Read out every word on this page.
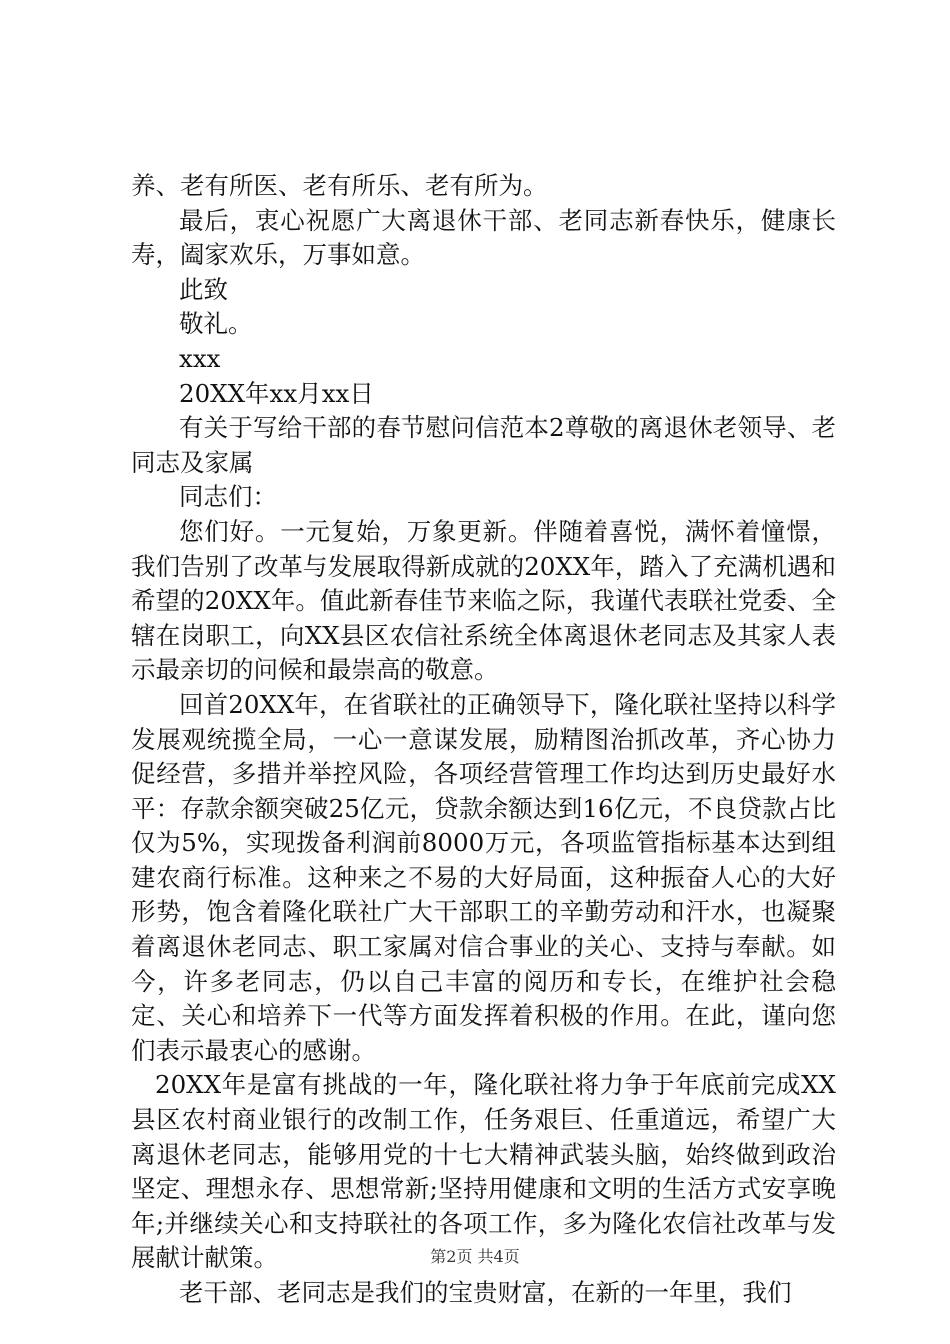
养、老有所医、老有所乐、老有所为。

最后，衷心祝愿广大离退休干部、老同志新春快乐，健康长寿，阖家欢乐，万事如意。

此致

敬礼。

xxx

20XX年xx月xx日

有关于写给干部的春节慰问信范本2尊敬的离退休老领导、老同志及家属

同志们：

您们好。一元复始，万象更新。伴随着喜悦，满怀着憧憬，我们告别了改革与发展取得新成就的20XX年，踏入了充满机遇和希望的20XX年。值此新春佳节来临之际，我谨代表联社党委、全辖在岗职工，向XX县区农信社系统全体离退休老同志及其家人表示最亲切的问候和最崇高的敬意。

回首20XX年，在省联社的正确领导下，隆化联社坚持以科学发展观统揽全局，一心一意谋发展，励精图治抓改革，齐心协力促经营，多措并举控风险，各项经营管理工作均达到历史最好水平：存款余额突破25亿元，贷款余额达到16亿元，不良贷款占比仅为5%，实现拨备利润前8000万元，各项监管指标基本达到组建农商行标准。这种来之不易的大好局面，这种振奋人心的大好形势，饱含着隆化联社广大干部职工的辛勤劳动和汗水，也凝聚着离退休老同志、职工家属对信合事业的关心、支持与奉献。如今，许多老同志，仍以自己丰富的阅历和专长，在维护社会稳定、关心和培养下一代等方面发挥着积极的作用。在此，谨向您们表示最衷心的感谢。

20XX年是富有挑战的一年，隆化联社将力争于年底前完成XX县区农村商业银行的改制工作，任务艰巨、任重道远，希望广大离退休老同志，能够用党的十七大精神武装头脑，始终做到政治坚定、理想永存、思想常新;坚持用健康和文明的生活方式安享晚年;并继续关心和支持联社的各项工作，多为隆化农信社改革与发展献计献策。

老干部、老同志是我们的宝贵财富，在新的一年里，我们

第2页 共4页
